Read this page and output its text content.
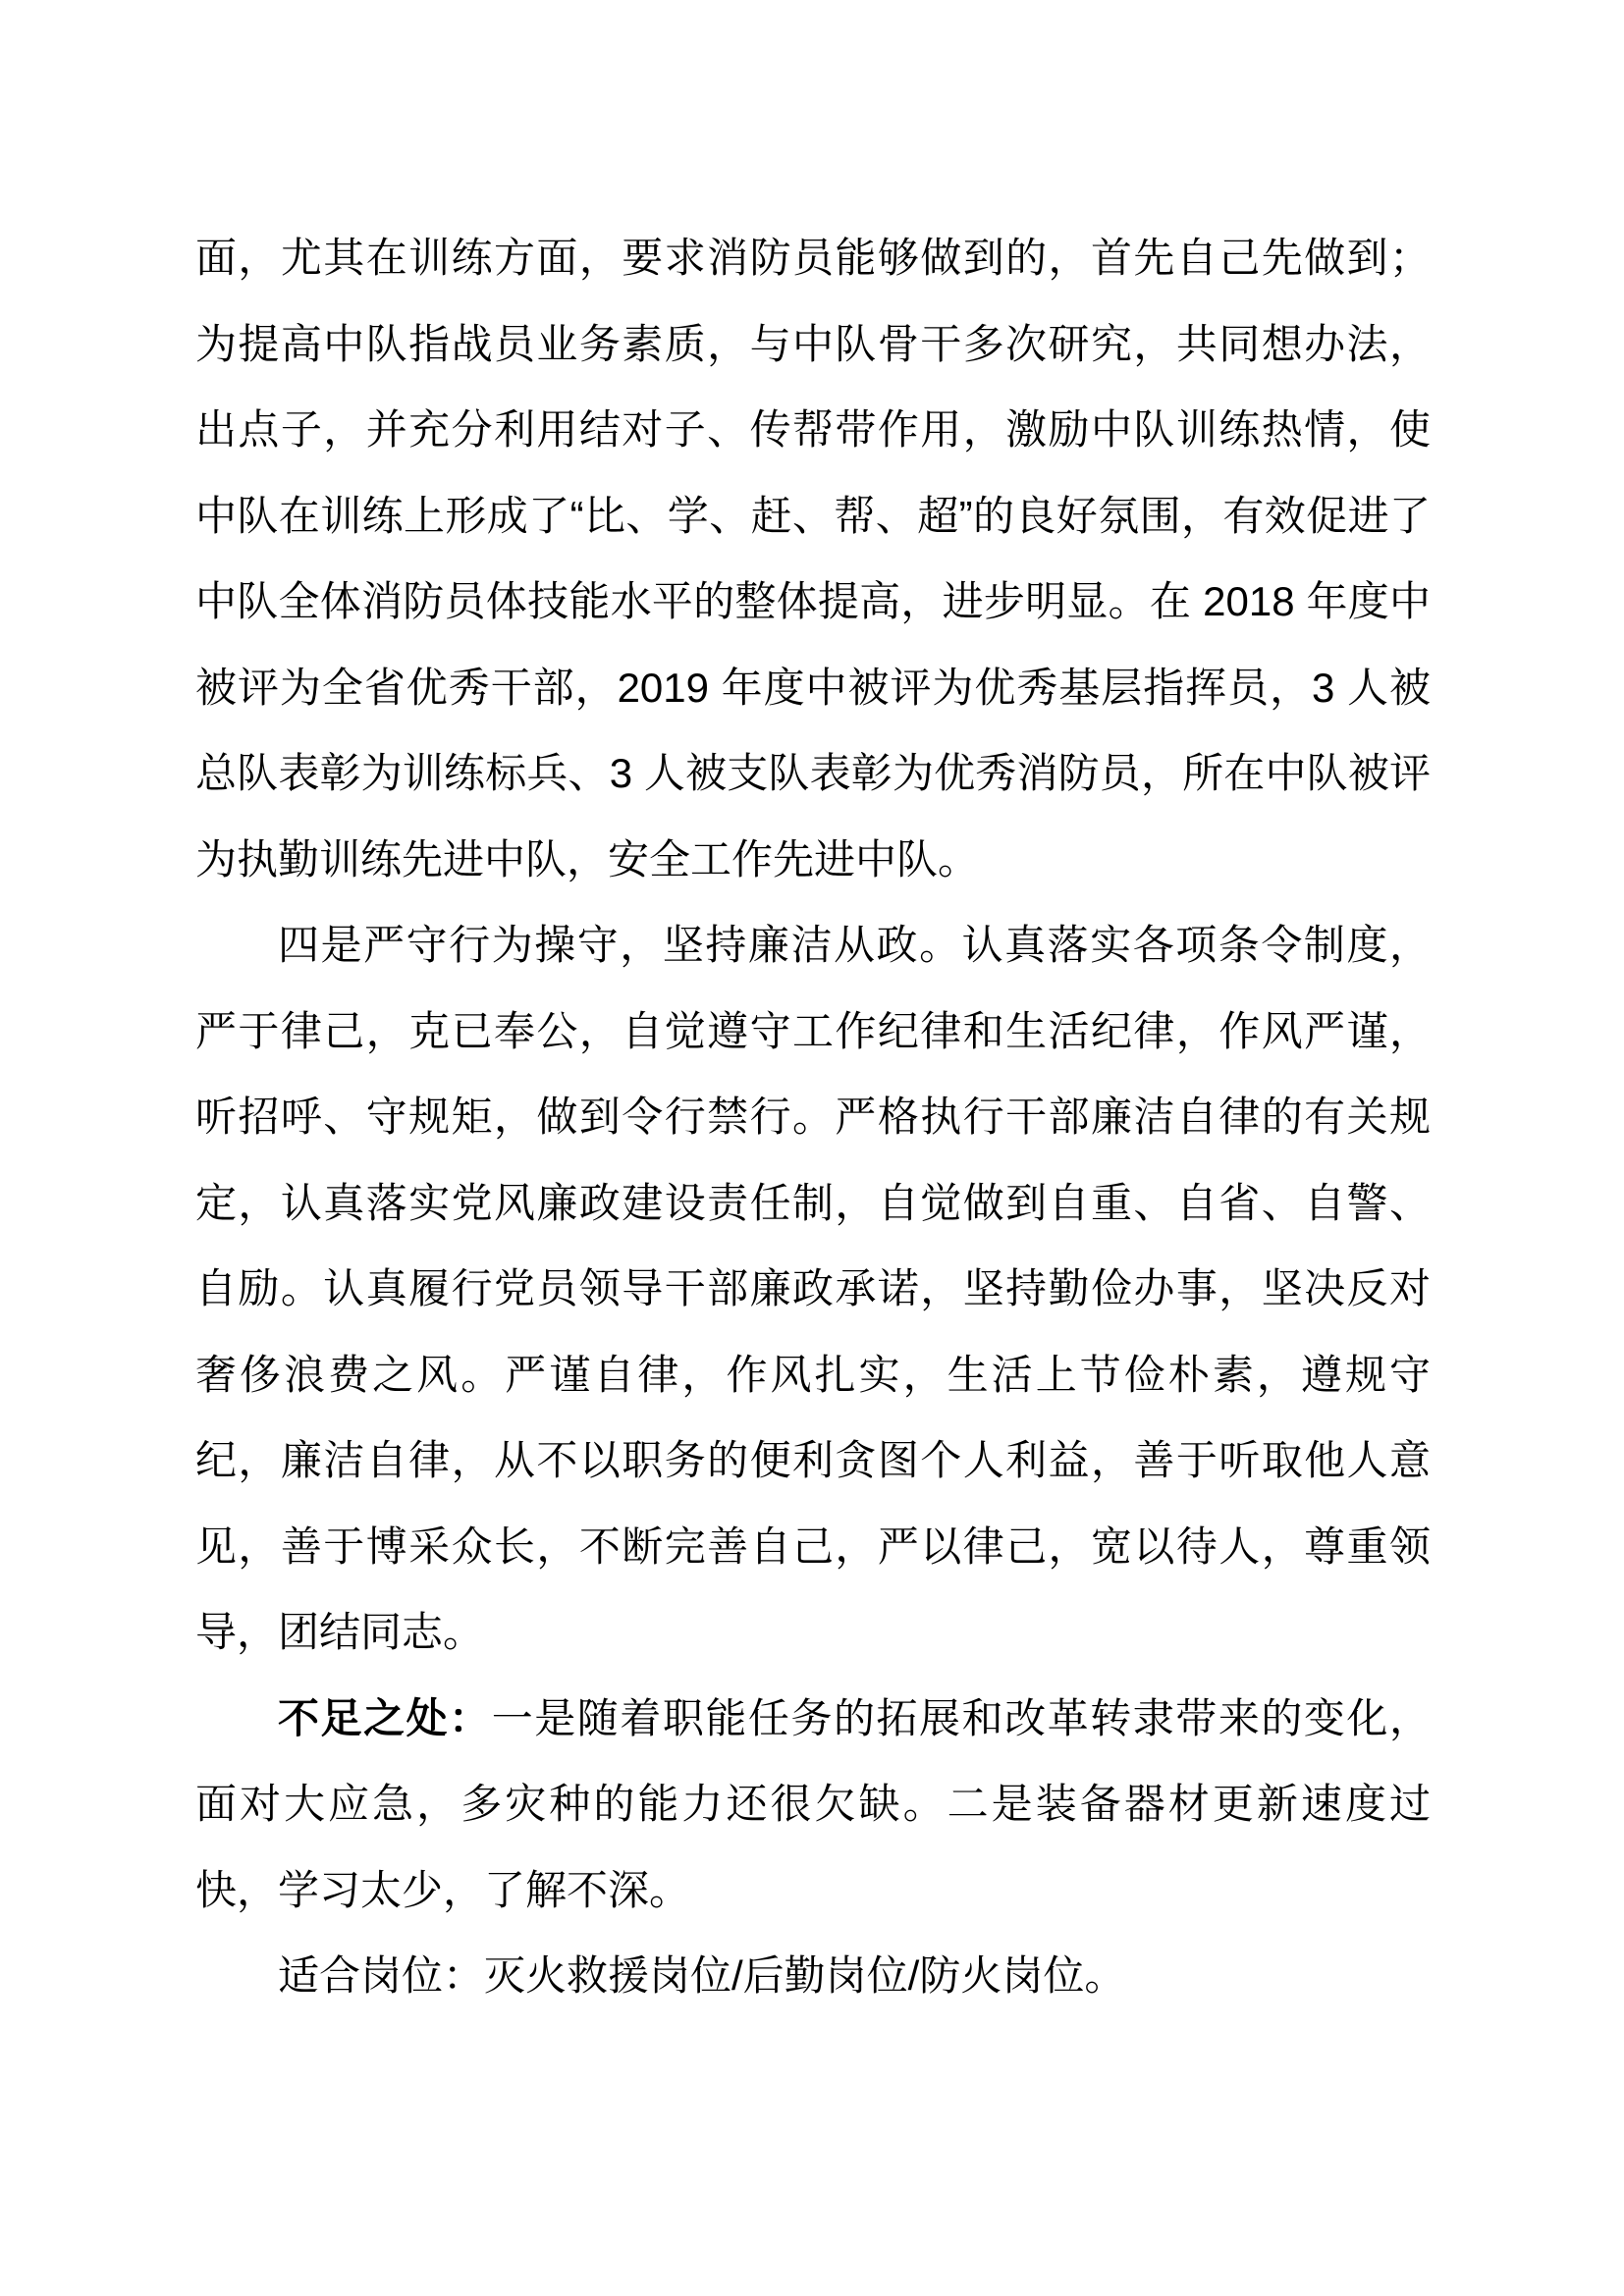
面，尤其在训练方面，要求消防员能够做到的，首先自己先做到；为提高中队指战员业务素质，与中队骨干多次研究，共同想办法，出点子，并充分利用结对子、传帮带作用，激励中队训练热情，使中队在训练上形成了“比、学、赶、帮、超”的良好氛围，有效促进了中队全体消防员体技能水平的整体提高，进步明显。在 2018 年度中被评为全省优秀干部，2019 年度中被评为优秀基层指挥员，3 人被总队表彰为训练标兵、3 人被支队表彰为优秀消防员，所在中队被评为执勤训练先进中队，安全工作先进中队。

四是严守行为操守，坚持廉洁从政。认真落实各项条令制度，严于律己，克已奉公，自觉遵守工作纪律和生活纪律，作风严谨，听招呼、守规矩，做到令行禁行。严格执行干部廉洁自律的有关规定，认真落实党风廉政建设责任制，自觉做到自重、自省、自警、自励。认真履行党员领导干部廉政承诺，坚持勤俭办事，坚决反对奢侈浪费之风。严谨自律，作风扎实，生活上节俭朴素，遵规守纪，廉洁自律，从不以职务的便利贪图个人利益，善于听取他人意见，善于博采众长，不断完善自己，严以律己，宽以待人，尊重领导，团结同志。

不足之处：一是随着职能任务的拓展和改革转隶带来的变化，面对大应急，多灾种的能力还很欠缺。二是装备器材更新速度过快，学习太少，了解不深。

适合岗位：灭火救援岗位/后勤岗位/防火岗位。
